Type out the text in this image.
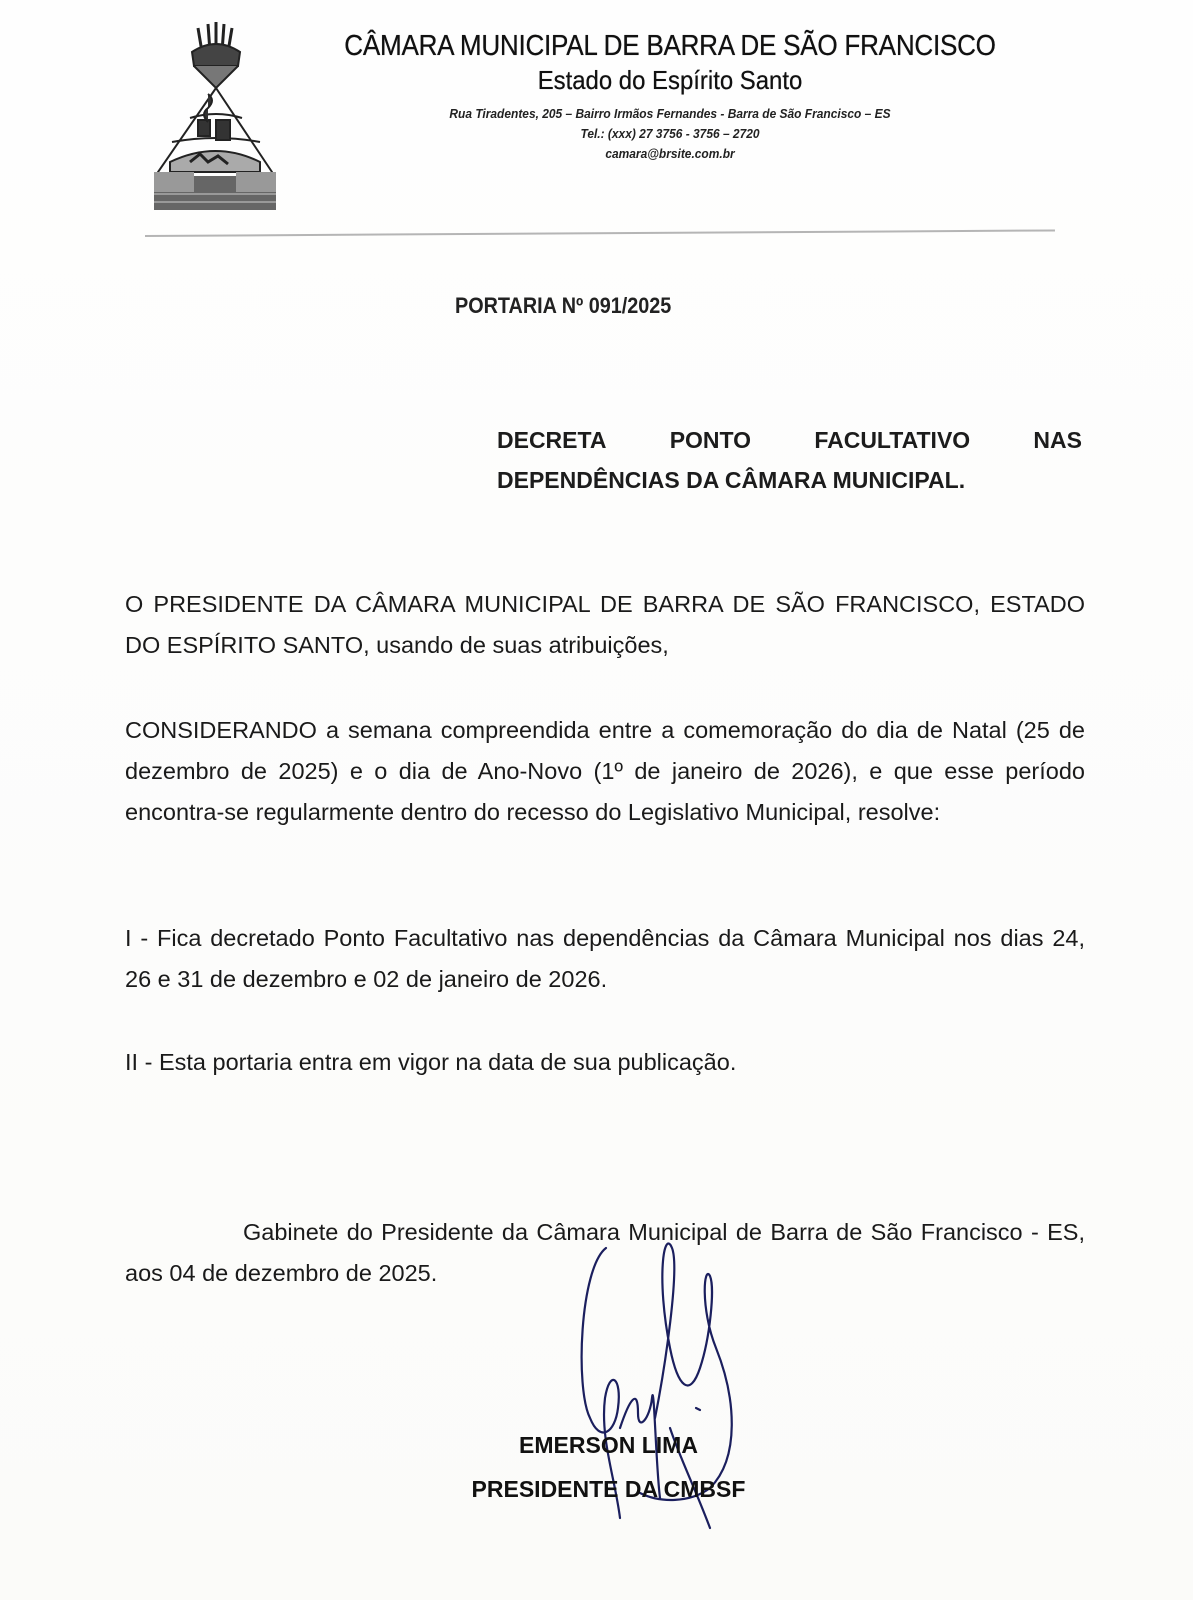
CÂMARA MUNICIPAL DE BARRA DE SÃO FRANCISCO
Estado do Espírito Santo
Rua Tiradentes, 205 – Bairro Irmãos Fernandes - Barra de São Francisco – ES
Tel.: (xxx) 27 3756 - 3756 – 2720
camara@brsite.com.br
PORTARIA Nº 091/2025
DECRETA	PONTO	FACULTATIVO	NAS
DEPENDÊNCIAS DA CÂMARA MUNICIPAL.

O PRESIDENTE DA CÂMARA MUNICIPAL DE BARRA DE SÃO FRANCISCO, ESTADO DO ESPÍRITO SANTO, usando de suas atribuições,

CONSIDERANDO a semana compreendida entre a comemoração do dia de Natal (25 de dezembro de 2025) e o dia de Ano-Novo (1º de janeiro de 2026), e que esse período encontra-se regularmente dentro do recesso do Legislativo Municipal, resolve:

I - Fica decretado Ponto Facultativo nas dependências da Câmara Municipal nos dias 24, 26 e 31 de dezembro e 02 de janeiro de 2026.

II - Esta portaria entra em vigor na data de sua publicação.

Gabinete do Presidente da Câmara Municipal de Barra de São Francisco - ES, aos 04 de dezembro de 2025.

EMERSON LIMA
PRESIDENTE DA CMBSF
